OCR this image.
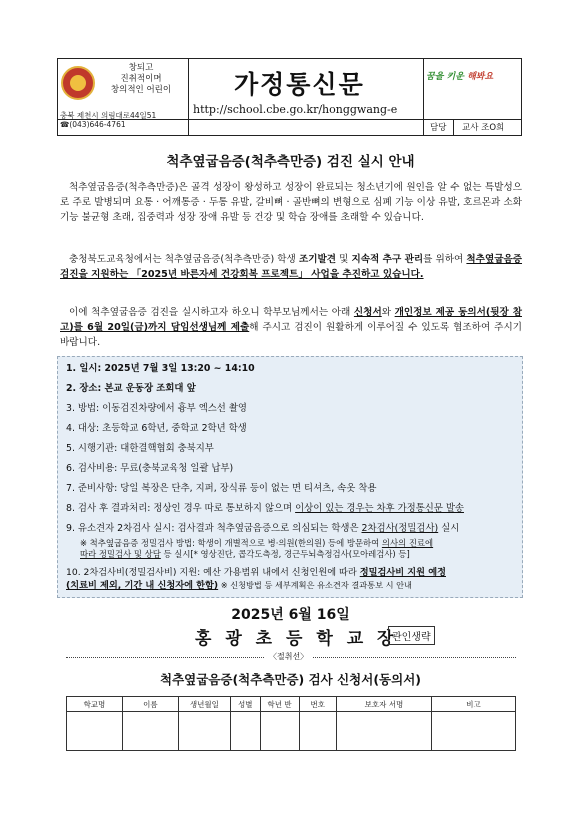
창되고
진취적이며
창의적인 어린이
충북 제천시 의림대로44일51
☎(043)646-4761
가정통신문
http://school.cbe.go.kr/honggwang-e
꿈을 키운 해봐요
담당 교사 조O희
척추옆굽음증(척추측만증) 검진 실시 안내
척추옆굽음증(척추측만증)은 골격 성장이 왕성하고 성장이 완료되는 청소년기에 원인을 알 수 없는 특발성으로 주로 발병되며 요통 · 어깨통증 · 두통 유발, 갈비뼈 · 골반뼈의 변형으로 심폐 기능 이상 유발, 호르몬과 소화기능 불균형 초래, 집중력과 성장 장애 유발 등 건강 및 학습 장애를 초래할 수 있습니다.
충청북도교육청에서는 척추옆굽음증(척추측만증) 학생 조기발견 및 지속적 추구 관리를 위하여 척추옆굽음증 검진을 지원하는 「2025년 바른자세 건강회복 프로젝트」 사업을 추진하고 있습니다.
이에 척추옆굽음증 검진을 실시하고자 하오니 학부모님께서는 아래 신청서와 개인정보 제공 동의서(뒷장 참고)를 6월 20일(금)까지 담임선생님께 제출해 주시고 검진이 원활하게 이루어질 수 있도록 협조하여 주시기 바랍니다.
1. 일시: 2025년 7월 3일 13:20 ~ 14:10
2. 장소: 본교 운동장 조회대 앞
3. 방법: 이동검진차량에서 흉부 엑스선 촬영
4. 대상: 초등학교 6학년, 중학교 2학년 학생
5. 시행기관: 대한결핵협회 충북지부
6. 검사비용: 무료(충북교육청 일괄 납부)
7. 준비사항: 당일 복장은 단추, 지퍼, 장식류 등이 없는 면 티셔츠, 속옷 착용
8. 검사 후 결과처리: 정상인 경우 따로 통보하지 않으며 이상이 있는 경우는 차후 가정통신문 발송
9. 유소견자 2차검사 실시: 검사결과 척추옆굽음증으로 의심되는 학생은 2차검사(정밀검사) 실시
※ 척추옆굽음증 정밀검사 방법: 학생이 개별적으로 병·의원(한의원) 등에 방문하여 의사의 진료에
따라 정밀검사 및 상담 등 실시[* 영상진단, 콥각도측정, 경근두뇌측정검사(모아레검사) 등]
10. 2차검사비(정밀검사비) 지원: 예산 가용범위 내에서 신청인원에 따라 정밀검사비 지원 예정
(치료비 제외, 기간 내 신청자에 한함) ※ 신청방법 등 세부계획은 유소견자 결과통보 시 안내
2025년 6월 16일
홍 광 초 등 학 교 장
관인생략
〈절취선〉
척추옆굽음증(척추측만증) 검사 신청서(동의서)
학교명	이름	생년월일	성별	학년 반	번호	보호자 서명	비고
